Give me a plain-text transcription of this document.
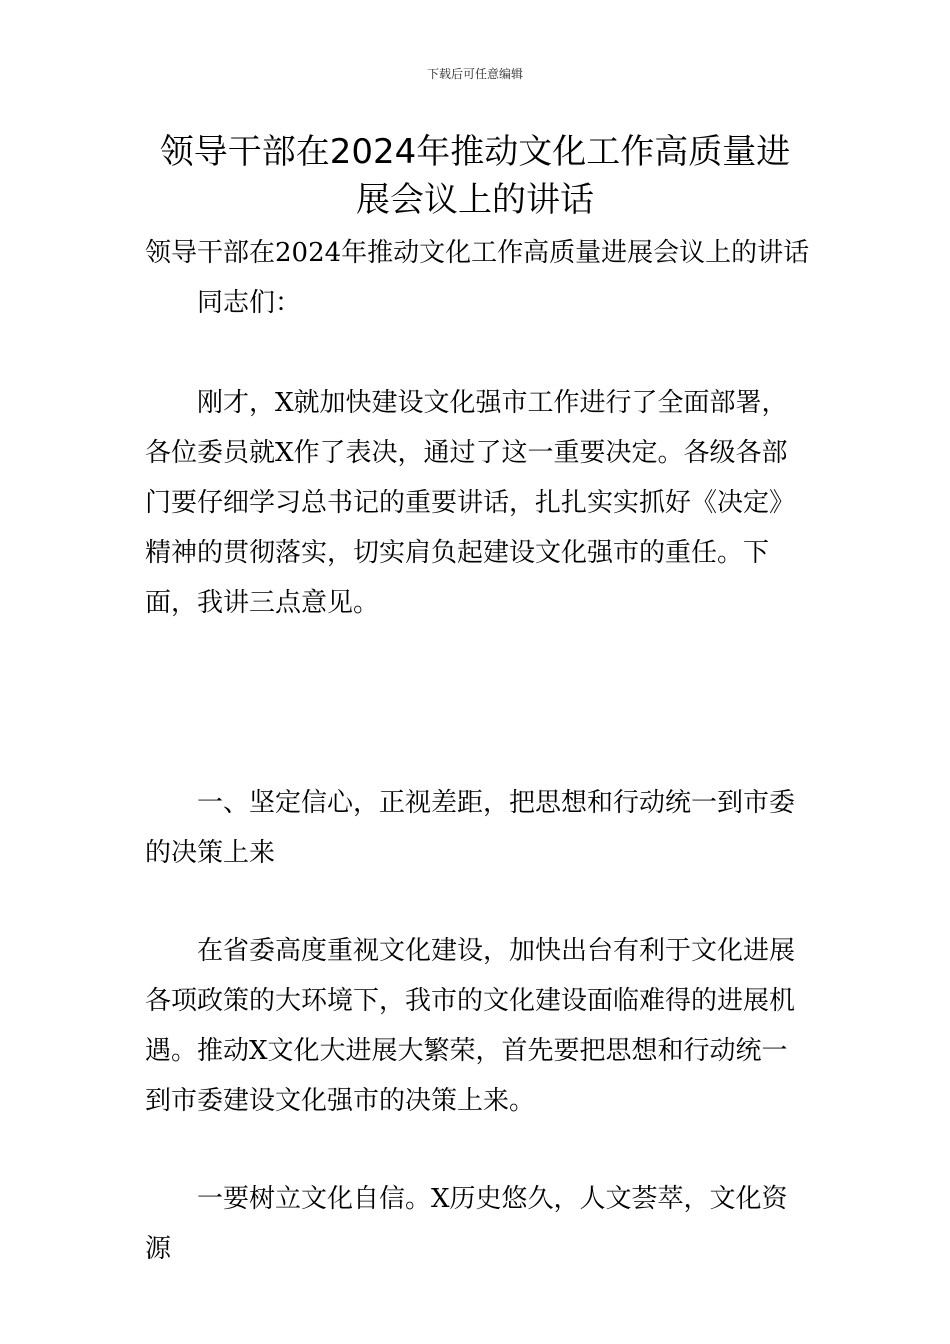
下载后可任意编辑
领导干部在2024年推动文化工作高质量进展会议上的讲话

领导干部在2024年推动文化工作高质量进展会议上的讲话

同志们：

刚才，X就加快建设文化强市工作进行了全面部署，各位委员就X作了表决，通过了这一重要决定。各级各部门要仔细学习总书记的重要讲话，扎扎实实抓好《决定》精神的贯彻落实，切实肩负起建设文化强市的重任。下面，我讲三点意见。

一、坚定信心，正视差距，把思想和行动统一到市委的决策上来

在省委高度重视文化建设，加快出台有利于文化进展各项政策的大环境下，我市的文化建设面临难得的进展机遇。推动X文化大进展大繁荣，首先要把思想和行动统一到市委建设文化强市的决策上来。

一要树立文化自信。X历史悠久，人文荟萃，文化资源
